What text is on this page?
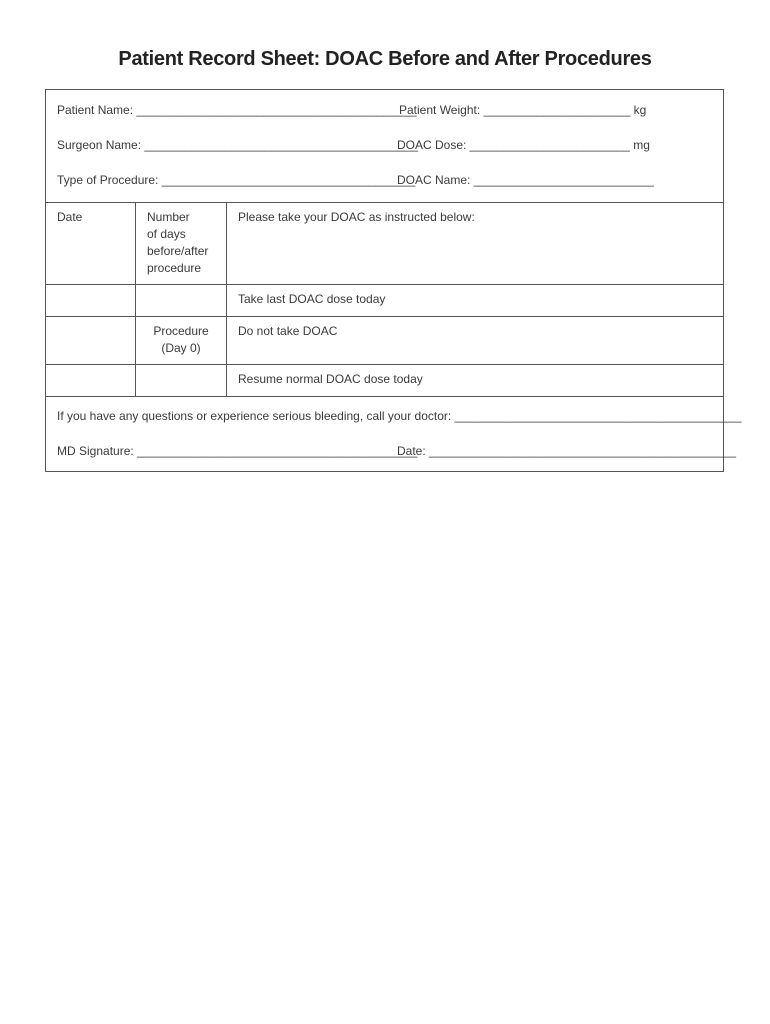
Patient Record Sheet: DOAC Before and After Procedures
Patient Name: __________________________________________
Patient Weight: ______________________ kg
Surgeon Name: _________________________________________
DOAC Dose: ________________________ mg
Type of Procedure: ______________________________________
DOAC Name: ___________________________
Date	Number
of days
before/after
procedure
Please take your DOAC as instructed below:
Take last DOAC dose today
Procedure
(Day 0)
Do not take DOAC
Resume normal DOAC dose today
If you have any questions or experience serious bleeding, call your doctor: ___________________________________________
MD Signature: __________________________________________
Date: ______________________________________________
